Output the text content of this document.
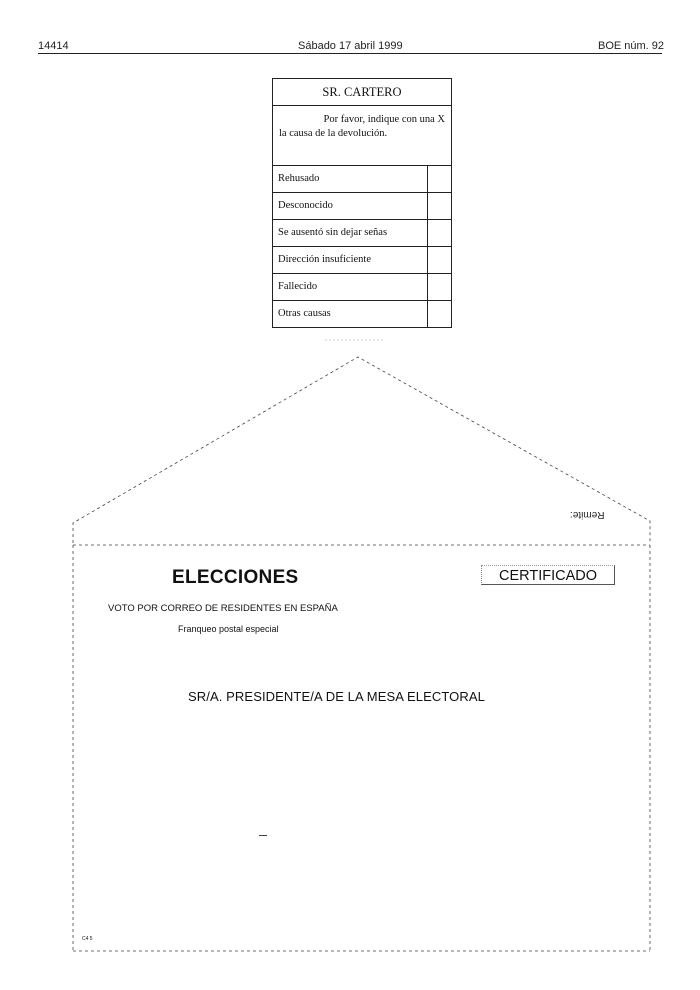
14414	Sábado 17 abril 1999	BOE núm. 92
SR. CARTERO
Por favor, indique con una X
la causa de la devolución.
Rehusado
Desconocido
Se ausentó sin dejar señas
Dirección insuficiente
Fallecido
Otras causas
Remite:
ELECCIONES	CERTIFICADO
VOTO POR CORREO DE RESIDENTES EN ESPAÑA
Franqueo postal especial
SR/A. PRESIDENTE/A DE LA MESA ELECTORAL
C4 5
